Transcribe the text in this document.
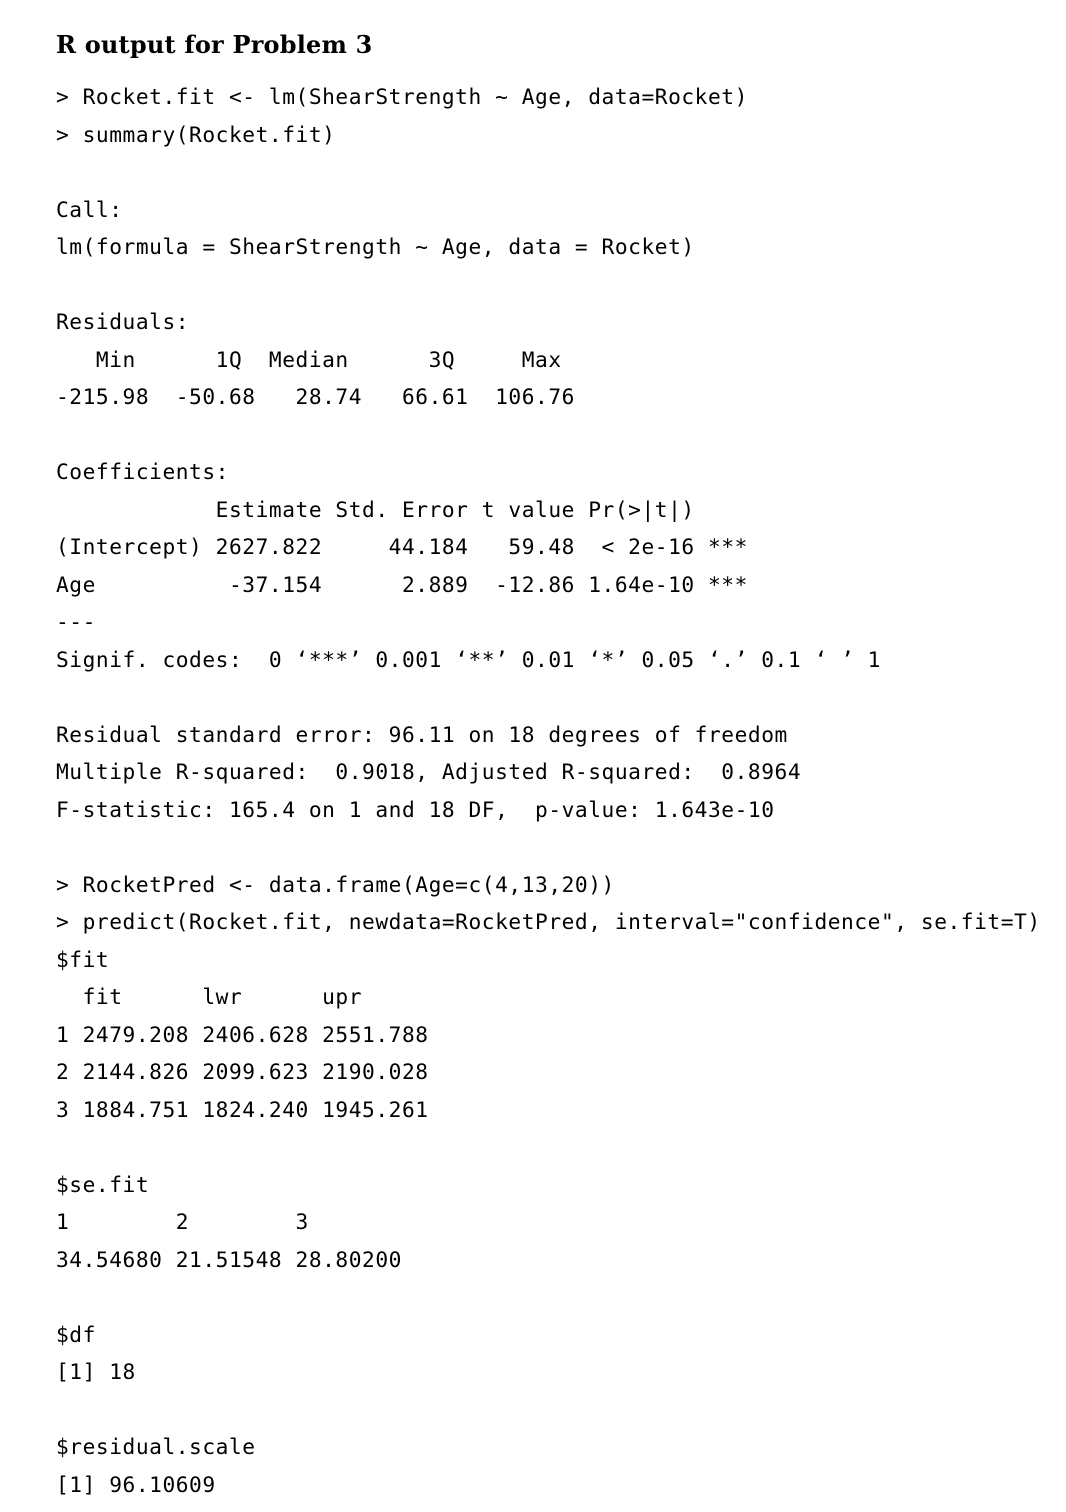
R output for Problem 3
> Rocket.fit <- lm(ShearStrength ~ Age, data=Rocket)
> summary(Rocket.fit)
Call:
lm(formula = ShearStrength ~ Age, data = Rocket)
Residuals:
Min      1Q  Median      3Q     Max
-215.98  -50.68   28.74   66.61  106.76
Coefficients:
Estimate Std. Error t value Pr(>|t|)
(Intercept) 2627.822     44.184   59.48  < 2e-16 ***
Age          -37.154      2.889  -12.86 1.64e-10 ***
---
Signif. codes:  0 ‘***’ 0.001 ‘**’ 0.01 ‘*’ 0.05 ‘.’ 0.1 ‘ ’ 1
Residual standard error: 96.11 on 18 degrees of freedom
Multiple R-squared:  0.9018, Adjusted R-squared:  0.8964
F-statistic: 165.4 on 1 and 18 DF,  p-value: 1.643e-10
> RocketPred <- data.frame(Age=c(4,13,20))
> predict(Rocket.fit, newdata=RocketPred, interval="confidence", se.fit=T)
$fit
fit      lwr      upr
1 2479.208 2406.628 2551.788
2 2144.826 2099.623 2190.028
3 1884.751 1824.240 1945.261
$se.fit
1        2        3
34.54680 21.51548 28.80200
$df
[1] 18
$residual.scale
[1] 96.10609
